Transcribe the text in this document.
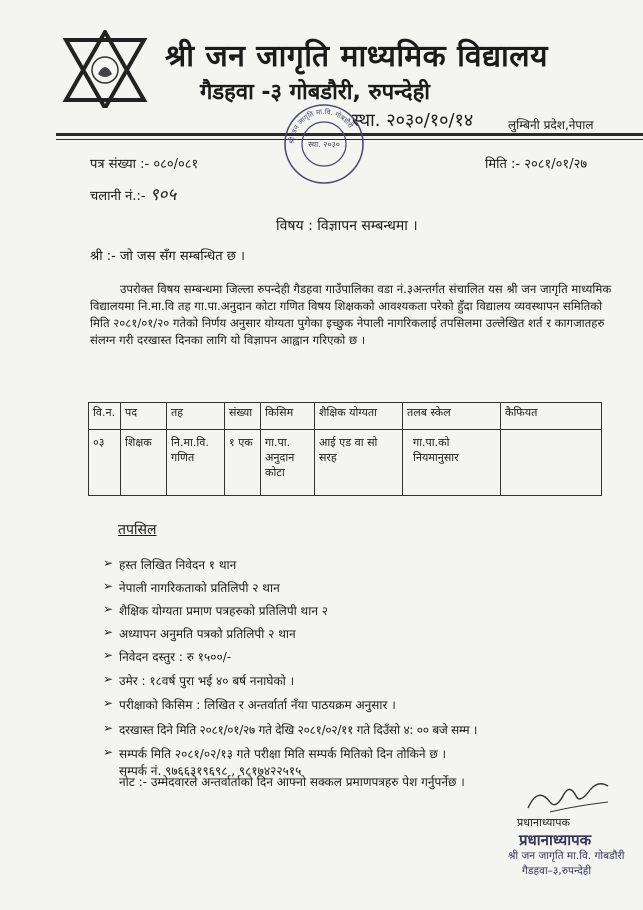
श्री जन जागृति माध्यमिक विद्यालय
गैडहवा -३ गोबडौरी, रुपन्देही
स्था. २०३०/१०/१४	लुम्बिनी प्रदेश,नेपाल
श्री जन जागृति मा.वि. गोबडौरी
स्था. २०३०
पत्र संख्या :- ०८०/०८१	मिति :- २०८१/०१/२७
चलानी नं.:- ९०५
विषय : विज्ञापन सम्बन्धमा ।
श्री :- जो जस सँग सम्बन्धित छ ।
उपरोक्त विषय सम्बन्धमा जिल्ला रुपन्देही गैडहवा गाउँपालिका वडा नं.३अन्तर्गत संचालित यस श्री जन जागृति माध्यमिक विद्यालयमा नि.मा.वि तह गा.पा.अनुदान कोटा गणित विषय शिक्षकको आवश्यकता परेको हुँदा विद्यालय व्यवस्थापन समितिको मिति २०८१/०१/२० गतेको निर्णय अनुसार योग्यता पुगेका इच्छुक नेपाली नागरिकलाई तपसिलमा उल्लेखित शर्त र कागजातहरु संलग्न गरी दरखास्त दिनका लागि यो विज्ञापन आह्वान गरिएको छ ।
वि.न.	पद	तह	संख्या	किसिम	शैक्षिक योग्यता	तलब स्केल	कैफियत
०३	शिक्षक	नि.मा.वि. गणित	१ एक	गा.पा. अनुदान कोटा	आई एड वा सो सरह	गा.पा.को नियमानुसार	
तपसिल
➢ हस्त लिखित निवेदन १ थान
➢ नेपाली नागरिकताको प्रतिलिपी २ थान
➢ शैक्षिक योग्यता प्रमाण पत्रहरुको प्रतिलिपी थान २
➢ अध्यापन अनुमति पत्रको प्रतिलिपी २ थान
➢ निवेदन दस्तुर : रु १५००/-
➢ उमेर : १८वर्ष पुरा भई ४० बर्ष ननाघेको ।
➢ परीक्षाको किसिम : लिखित र अन्तर्वार्ता नँया पाठयक्रम अनुसार ।
➢ दरखास्त दिने मिति २०८१/०१/२७ गते देखि २०८१/०२/११ गते दिउँसो ४: ०० बजे सम्म ।
➢ सम्पर्क मिति २०८१/०२/१३ गते परीक्षा मिति सम्पर्क मितिको दिन तोकिने छ ।
सम्पर्क नं. ९७६६३१९६९८ , ९८१७४२२५१५
नोट :- उम्मेदवारले अन्तर्वार्ताको दिन आफ्नो सक्कल प्रमाणपत्रहरु पेश गर्नुपर्नेछ ।
प्रधानाध्यापक
प्रधानाध्यापक
श्री जन जागृति मा.वि. गोबडौरी
गैडहवा–३,रुपन्देही
